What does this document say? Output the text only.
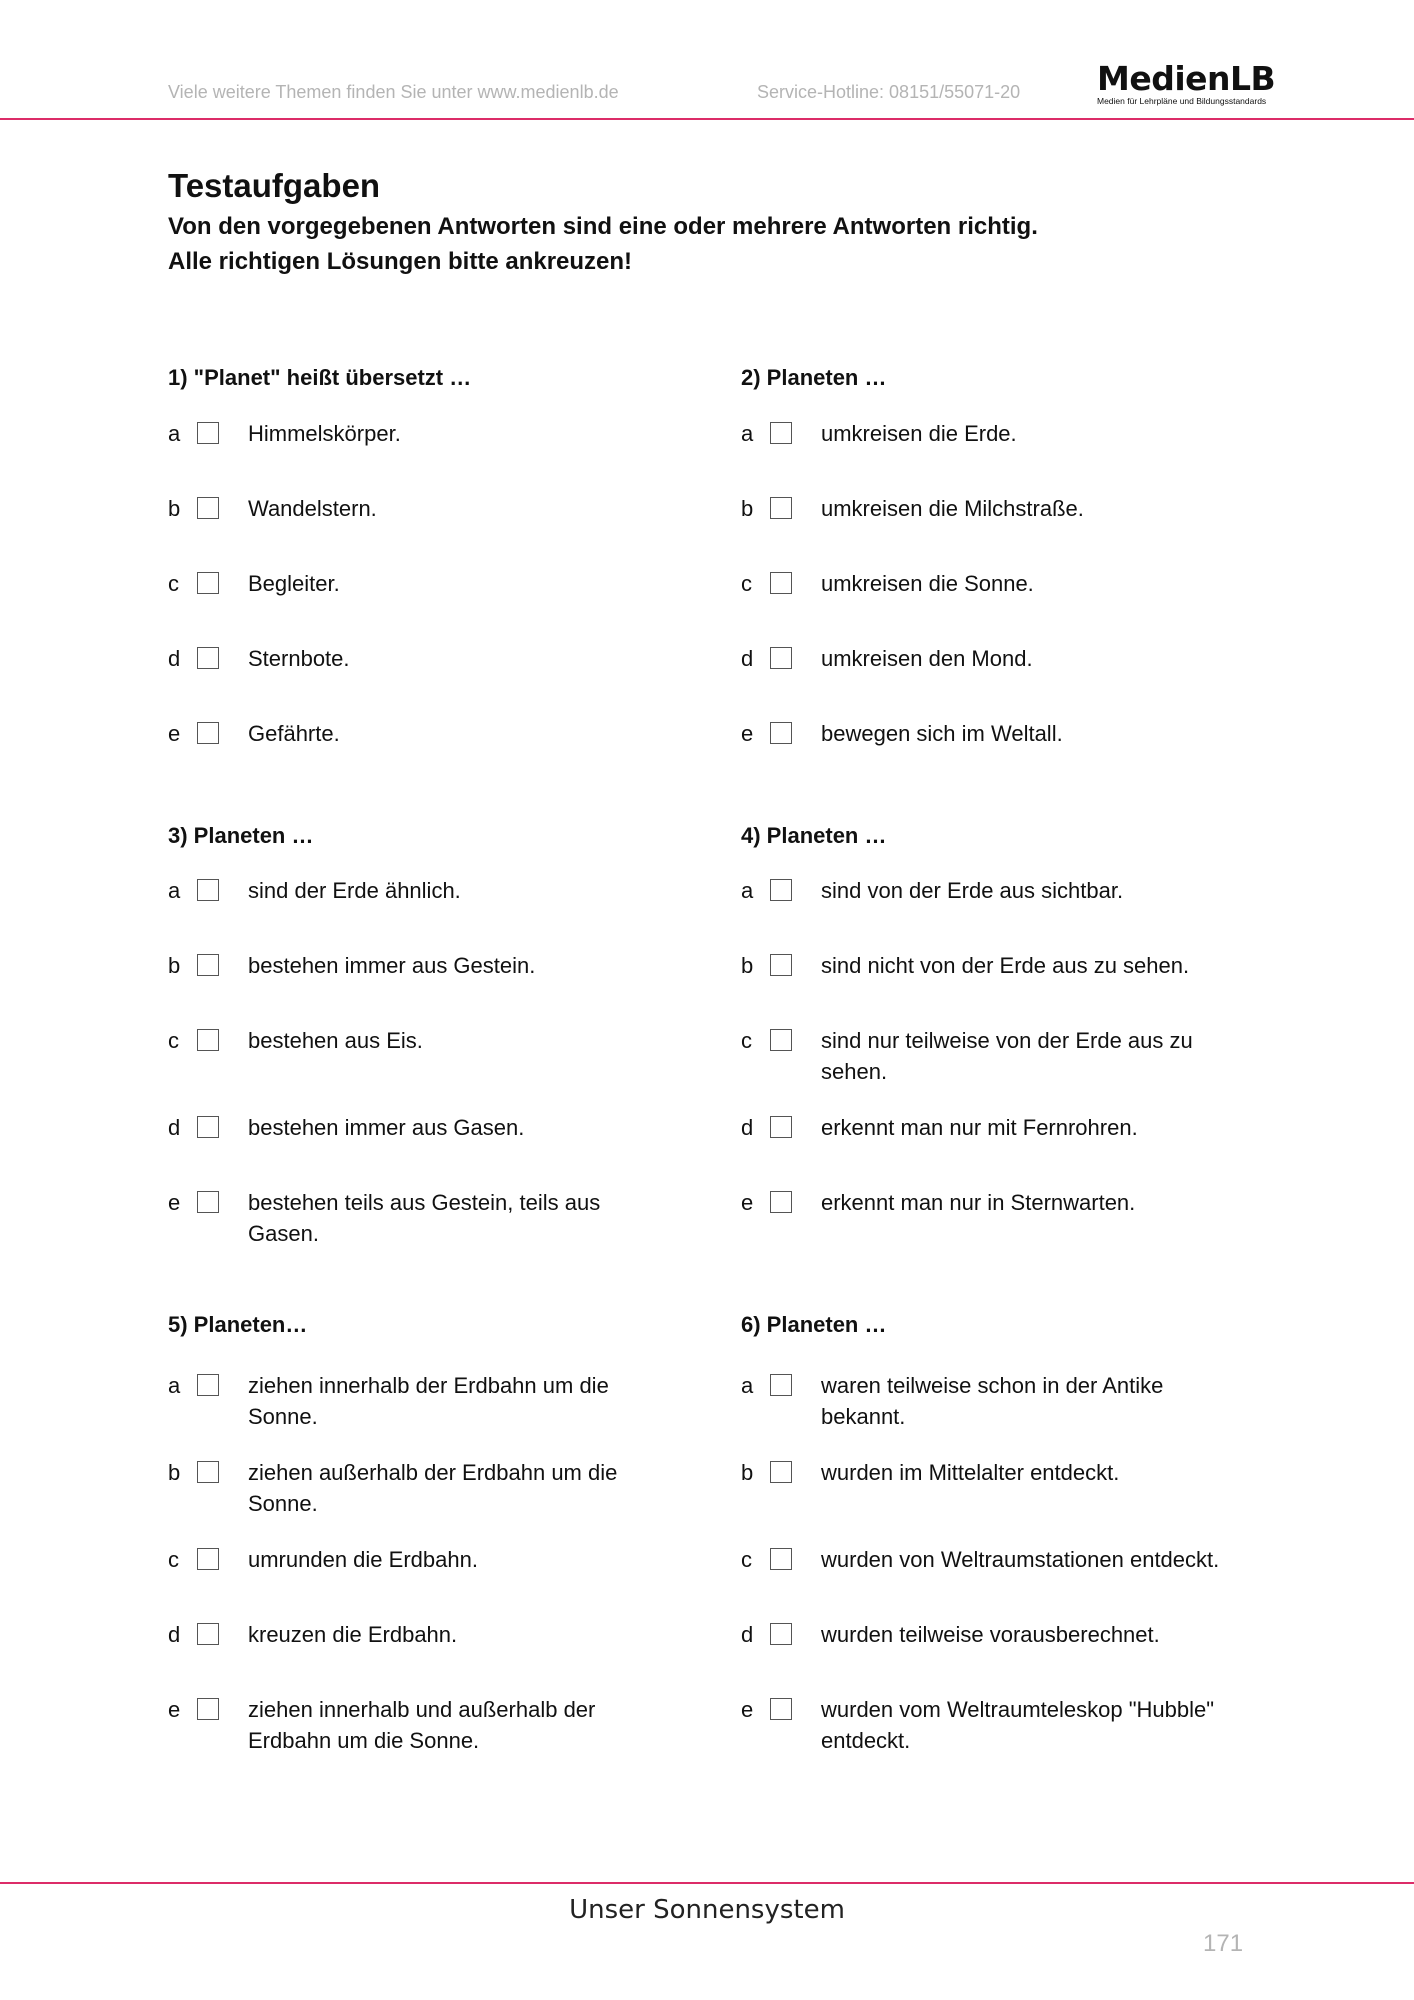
Viele weitere Themen finden Sie unter www.medienlb.de	Service-Hotline: 08151/55071-20 MedienLB
Medien für Lehrpläne und Bildungsstandards
Testaufgaben
Von den vorgegebenen Antworten sind eine oder mehrere Antworten richtig.
Alle richtigen Lösungen bitte ankreuzen!
1) "Planet" heißt übersetzt …	2) Planeten …
3) Planeten …	4) Planeten …
5) Planeten…	6) Planeten …
a	Himmelskörper.
b	Wandelstern.
c	Begleiter.
d	Sternbote.
e	Gefährte.
a	umkreisen die Erde.
b	umkreisen die Milchstraße.
c	umkreisen die Sonne.
d	umkreisen den Mond.
e	bewegen sich im Weltall.
a	sind der Erde ähnlich.
b	bestehen immer aus Gestein.
c	bestehen aus Eis.
d	bestehen immer aus Gasen.
e	bestehen teils aus Gestein, teils aus Gasen.
a	sind von der Erde aus sichtbar.
b	sind nicht von der Erde aus zu sehen.
c	sind nur teilweise von der Erde aus zu sehen.
d	erkennt man nur mit Fernrohren.
e	erkennt man nur in Sternwarten.
a	ziehen innerhalb der Erdbahn um die Sonne.
b	ziehen außerhalb der Erdbahn um die Sonne.
c	umrunden die Erdbahn.
d	kreuzen die Erdbahn.
e	ziehen innerhalb und außerhalb der Erdbahn um die Sonne.
a	waren teilweise schon in der Antike bekannt.
b	wurden im Mittelalter entdeckt.
c	wurden von Weltraumstationen entdeckt.
d	wurden teilweise vorausberechnet.
e	wurden vom Weltraumteleskop "Hubble" entdeckt.
Unser Sonnensystem
171
